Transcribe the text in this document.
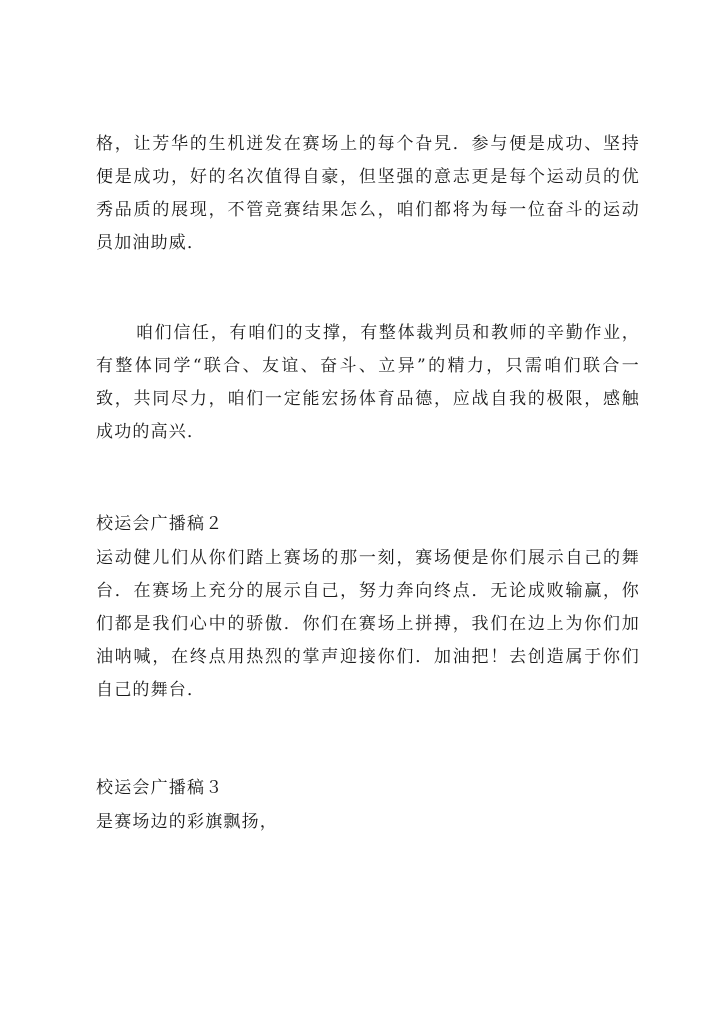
格，让芳华的生机迸发在赛场上的每个旮旯．参与便是成功、坚持便是成功，好的名次值得自豪，但坚强的意志更是每个运动员的优秀品质的展现，不管竞赛结果怎么，咱们都将为每一位奋斗的运动员加油助威．

咱们信任，有咱们的支撑，有整体裁判员和教师的辛勤作业，有整体同学“联合、友谊、奋斗、立异”的精力，只需咱们联合一致，共同尽力，咱们一定能宏扬体育品德，应战自我的极限，感触成功的高兴．

校运会广播稿２

运动健儿们从你们踏上赛场的那一刻，赛场便是你们展示自己的舞台．在赛场上充分的展示自己，努力奔向终点．无论成败输赢，你们都是我们心中的骄傲．你们在赛场上拼搏，我们在边上为你们加油呐喊，在终点用热烈的掌声迎接你们．加油把！去创造属于你们自己的舞台．

校运会广播稿３

是赛场边的彩旗飘扬，
